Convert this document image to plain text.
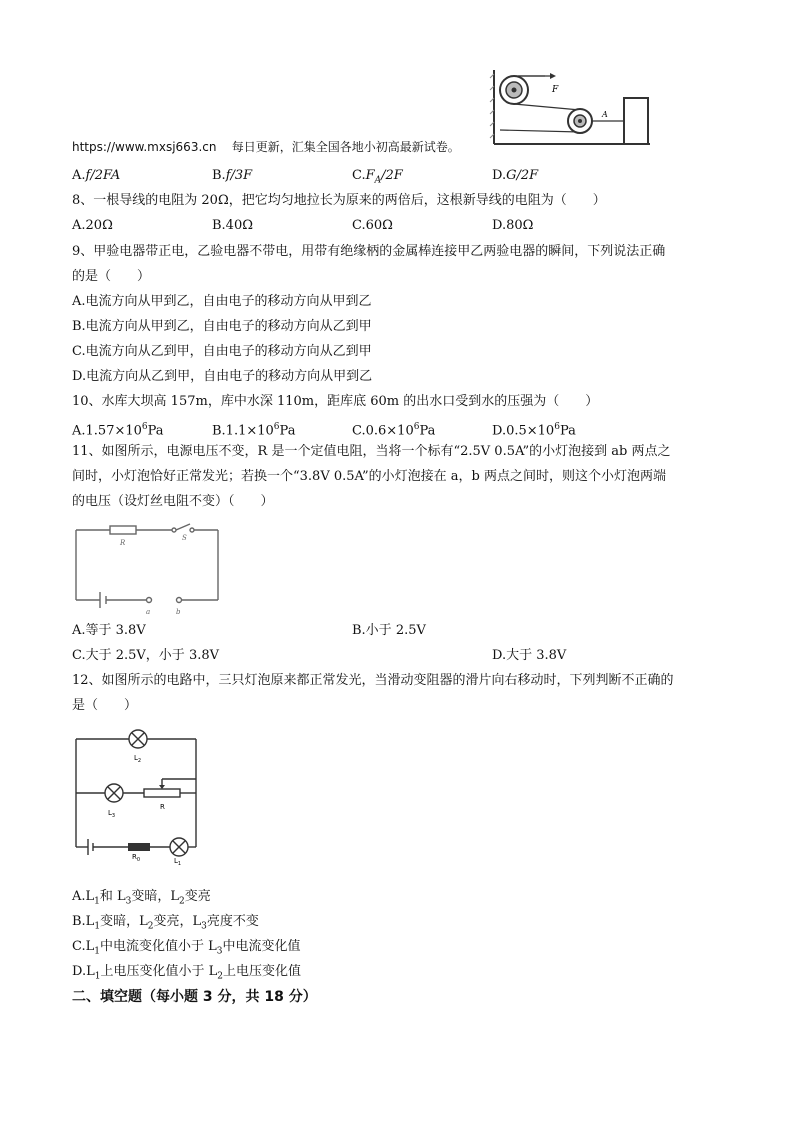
F
A
https://www.mxsj663.cn 每日更新，汇集全国各地小初高最新试卷。
A.f/2FA	B.f/3F	$C.F_A/2F$	D.G/2F
8、一根导线的电阻为 20Ω，把它均匀地拉长为原来的两倍后，这根新导线的电阻为（　　）
A.20Ω	B.40Ω	C.60Ω	D.80Ω
9、甲验电器带正电，乙验电器不带电，用带有绝缘柄的金属棒连接甲乙两验电器的瞬间，下列说法正确
的是（　　）
A.电流方向从甲到乙，自由电子的移动方向从甲到乙
B.电流方向从甲到乙，自由电子的移动方向从乙到甲
C.电流方向从乙到甲，自由电子的移动方向从乙到甲
D.电流方向从乙到甲，自由电子的移动方向从甲到乙
10、水库大坝高 157m，库中水深 110m，距库底 60m 的出水口受到水的压强为（　　）
$A.1.57\times 10^6Pa$	$B.1.1\times 10^6Pa$	$C.0.6\times 10^6Pa$	$D.0.5\times 10^6Pa$
11、如图所示，电源电压不变，R 是一个定值电阻，当将一个标有“2.5V 0.5A”的小灯泡接到 ab 两点之
间时，小灯泡恰好正常发光；若换一个“3.8V 0.5A”的小灯泡接在 a，b 两点之间时，则这个小灯泡两端
的电压（设灯丝电阻不变）（　　）
R
S
a	b
A.等于 3.8V	B.小于 2.5V
C.大于 2.5V，小于 3.8V	D.大于 3.8V
12、如图所示的电路中，三只灯泡原来都正常发光，当滑动变阻器的滑片向右移动时，下列判断不正确的
是（　　）
$L_2$
$L_3$
R
$R_0$	$L_1$
$A.L_1$和 $L_3$变暗，$L_2$变亮
$B.L_1$变暗，$L_2$变亮，$L_3$亮度不变
$C.L_1$中电流变化值小于 $L_3$中电流变化值
$D.L_1$上电压变化值小于 $L_2$上电压变化值
二、填空题（每小题 3 分，共 18 分）
